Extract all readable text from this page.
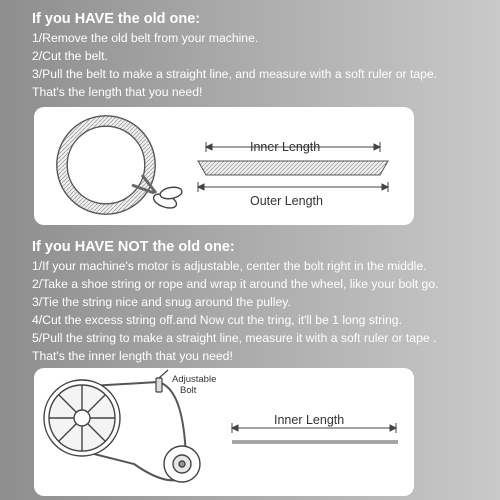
If you HAVE the old one:
1/Remove the old belt from your machine.
2/Cut the belt.
3/Pull the belt to make a straight line, and measure with a soft ruler or tape.
That's the length that you need!
Inner Length
Outer Length
If you HAVE NOT the old one:
1/If your machine's motor is adjustable, center the bolt right in the middle.
2/Take a shoe string or rope and wrap it around the wheel, like your bolt go.
3/Tie the string nice and snug around the pulley.
4/Cut the excess string off.and Now cut the tring, it'll be 1 long string.
5/Pull the string to make a straight line, measure it with a soft ruler or tape .
That's the inner length that you need!
Adjustable
Bolt
Inner Length
